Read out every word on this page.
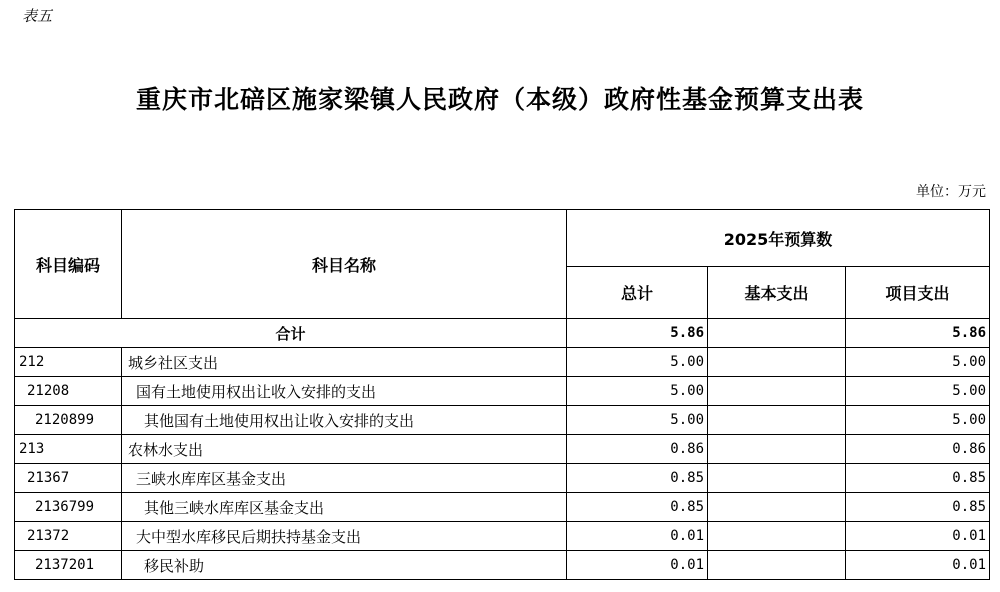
表五
重庆市北碚区施家梁镇人民政府（本级）政府性基金预算支出表
单位：万元
科目编码	科目名称	2025年预算数		
		总计	基本支出	项目支出
合计		5.86		5.86
212	城乡社区支出	5.00		5.00
21208	国有土地使用权出让收入安排的支出	5.00		5.00
2120899	其他国有土地使用权出让收入安排的支出	5.00		5.00
213	农林水支出	0.86		0.86
21367	三峡水库库区基金支出	0.85		0.85
2136799	其他三峡水库库区基金支出	0.85		0.85
21372	大中型水库移民后期扶持基金支出	0.01		0.01
2137201	移民补助	0.01		0.01
